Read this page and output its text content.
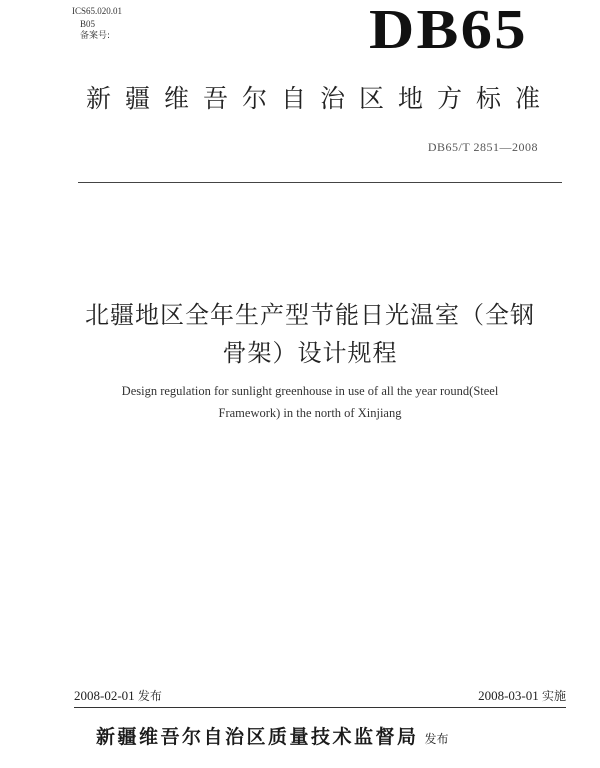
ICS65.020.01
B05
备案号:	DB65
新疆维吾尔自治区地方标准
DB65/T 2851—2008
北疆地区全年生产型节能日光温室（全钢
骨架）设计规程
Design regulation for sunlight greenhouse in use of all the year round(Steel
Framework) in the north of Xinjiang
2008-02-01 发布	2008-03-01 实施
新疆维吾尔自治区质量技术监督局 发布
